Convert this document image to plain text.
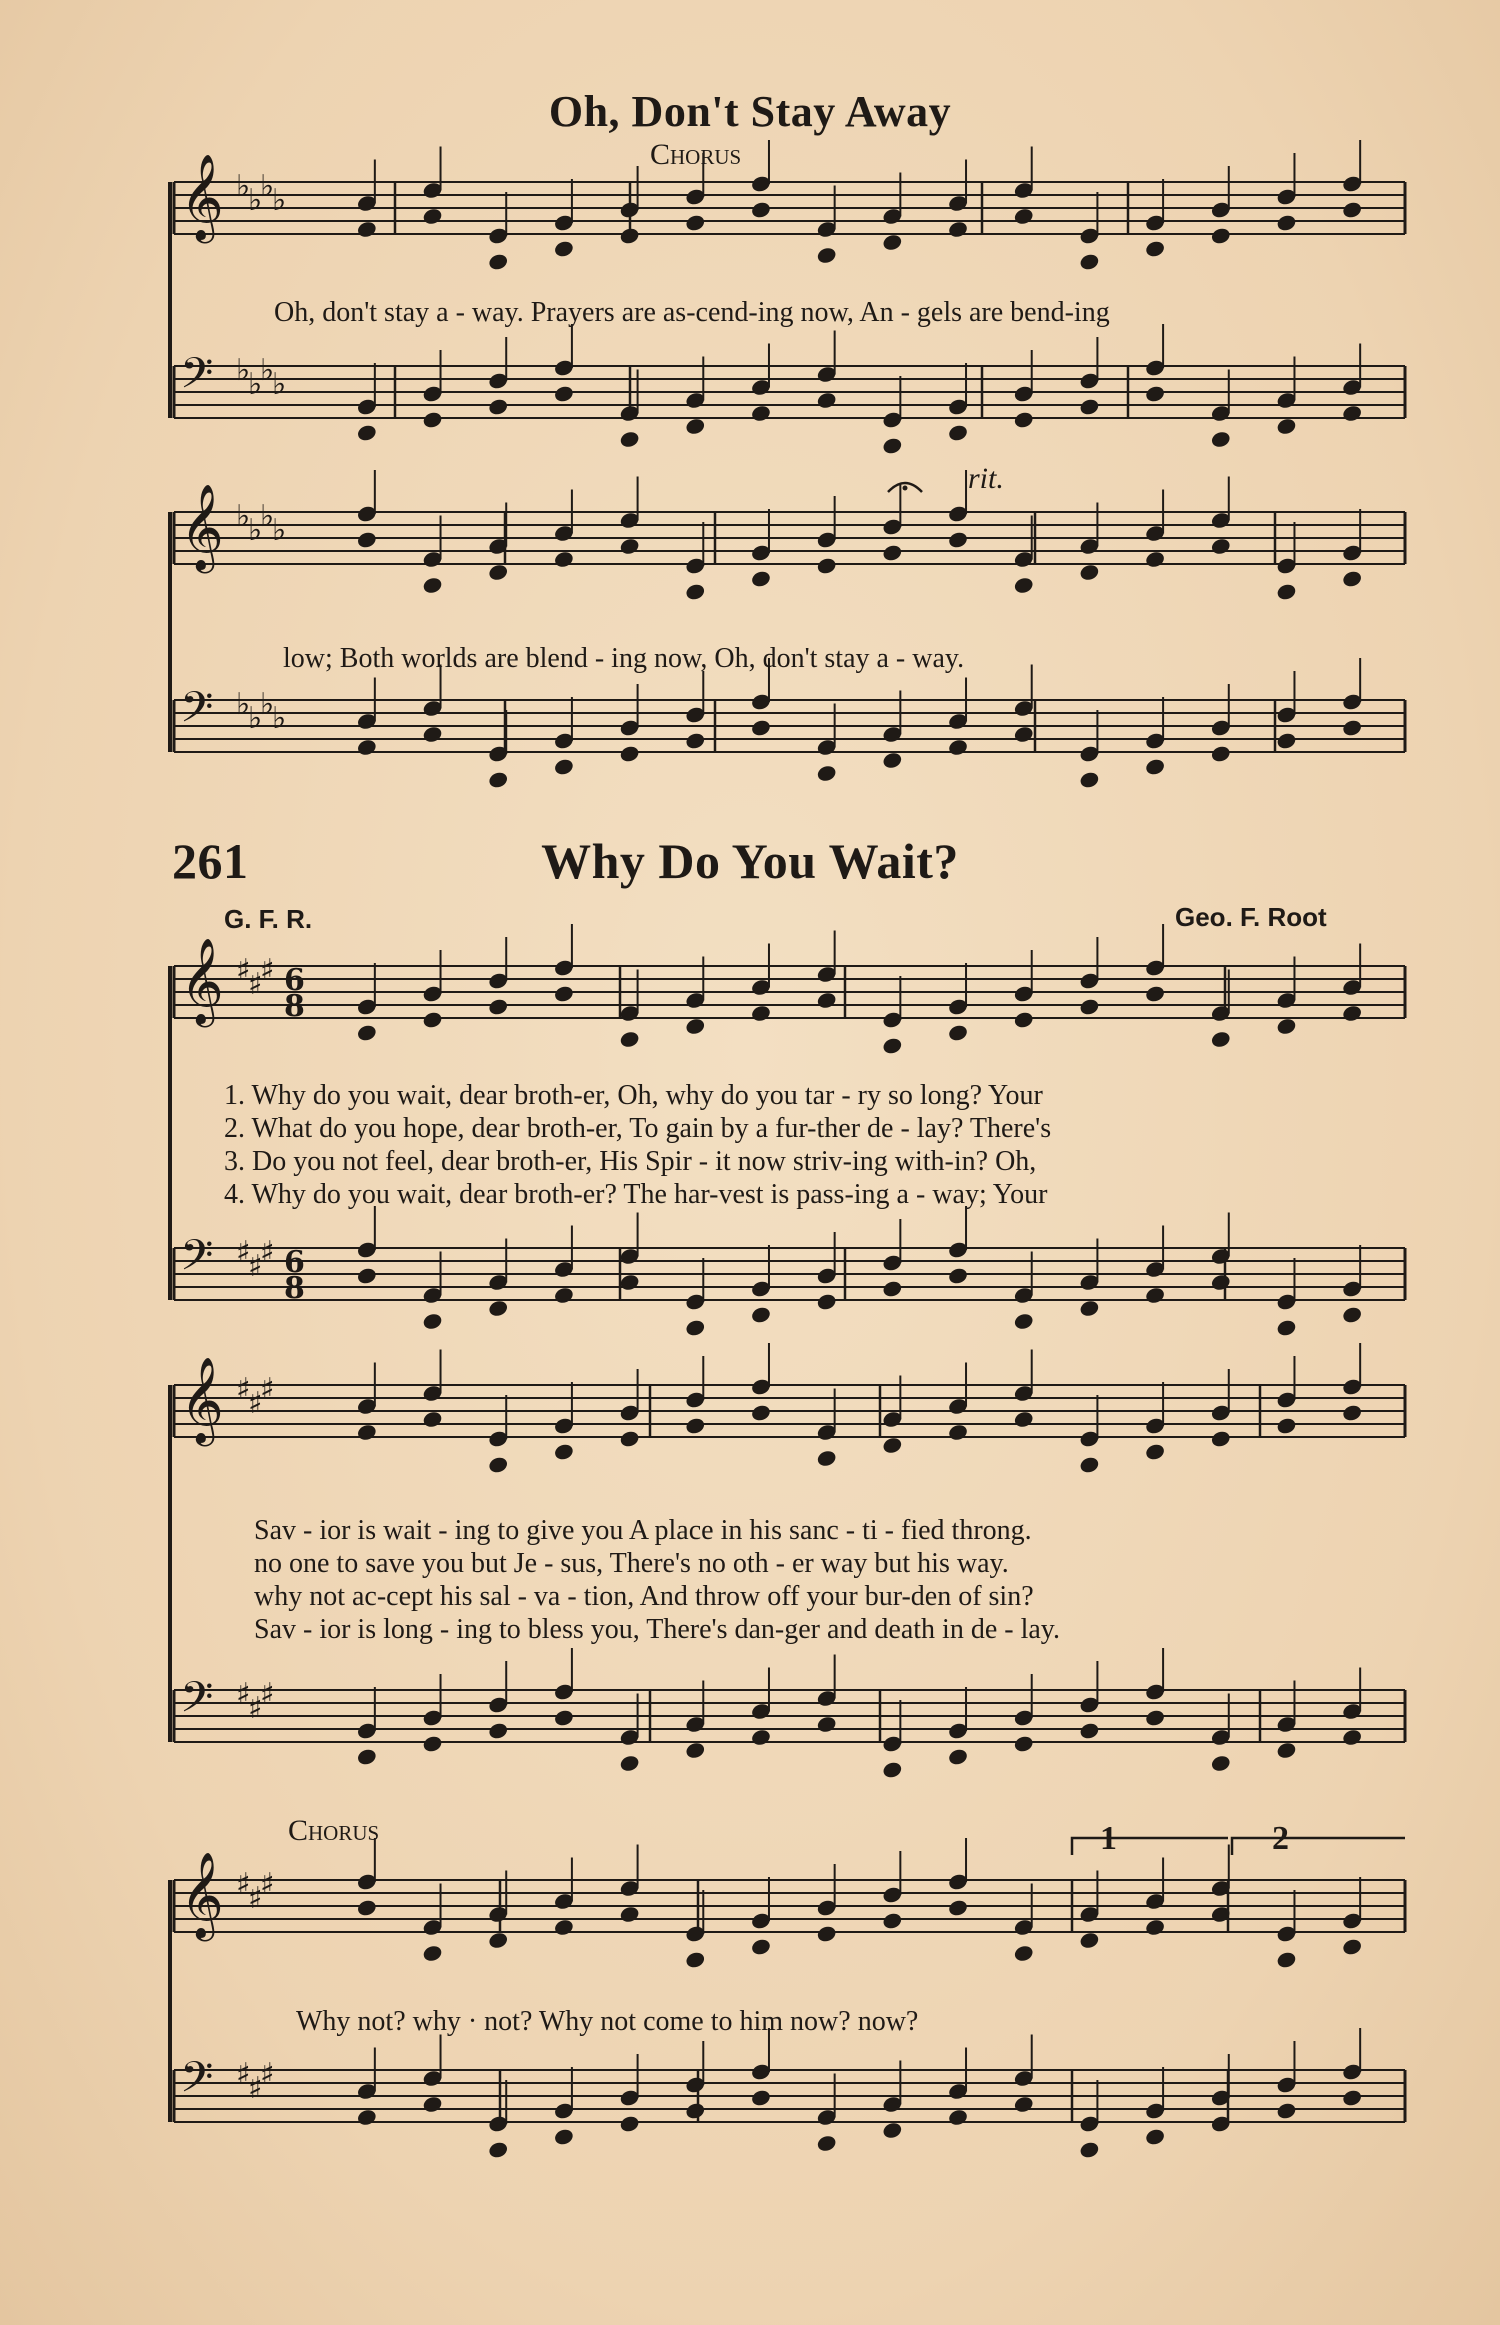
Oh, Don't Stay Away
Chorus
𝄞 ♭
♭
♭
♭
𝄢 ♭
♭
♭
♭
𝄞 ♭
♭
♭
♭
𝄢 ♭
♭
♭
♭
𝄞 ♯
♯
♯ 6
8
𝄢 ♯
♯
♯ 6
8
𝄞 ♯
♯
♯
𝄢 ♯
♯
♯
𝄞 ♯
♯
♯
𝄢 ♯
♯
♯
Oh, don't stay a - way. Prayers are as-cend-ing now, An - gels are bend-ing
rit.
low; Both worlds are blend - ing now, Oh, don't stay a - way.
261	Why Do You Wait?
G. F. R.	Geo. F. Root
1. Why do you wait, dear broth-er, Oh, why do you tar - ry so long? Your
2. What do you hope, dear broth-er, To gain by a fur-ther de - lay? There's
3. Do you not feel, dear broth-er, His Spir - it now striv-ing with-in? Oh,
4. Why do you wait, dear broth-er? The har-vest is pass-ing a - way; Your
Sav - ior is wait - ing to give you A place in his sanc - ti - fied throng.
no one to save you but Je - sus, There's no oth - er way but his way.
why not ac-cept his sal - va - tion, And throw off your bur-den of sin?
Sav - ior is long - ing to bless you, There's dan-ger and death in de - lay.
Chorus	1	2
Why not? why · not? Why not come to him now? now?
